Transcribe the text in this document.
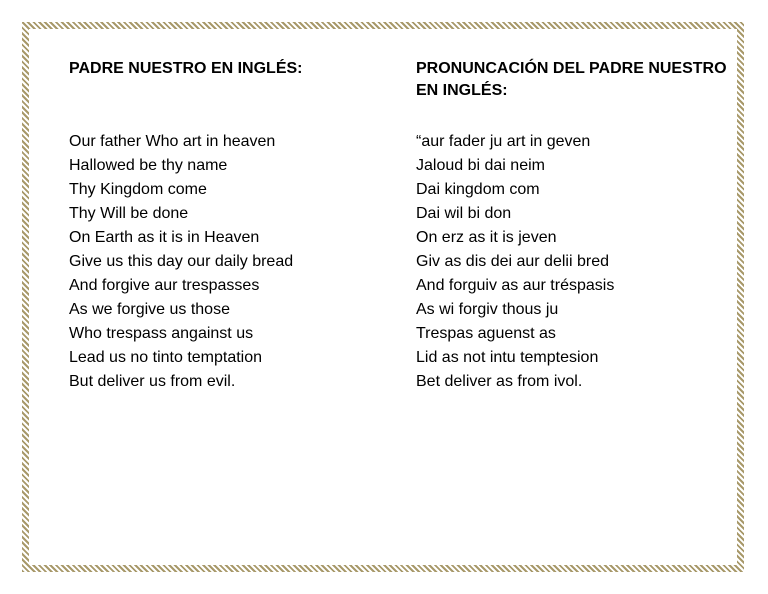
PADRE NUESTRO EN INGLÉS:
Our father Who art in heaven
Hallowed be thy name
Thy Kingdom come
Thy Will be done
On Earth as it is in Heaven
Give us this day our daily bread
And forgive aur trespasses
As we forgive us those
Who trespass angainst us
Lead us no tinto temptation
But deliver us from evil.
PRONUNCACIÓN DEL PADRE NUESTRO
EN INGLÉS:
“aur fader ju art in geven
Jaloud bi dai neim
Dai kingdom com
Dai wil bi don
On erz as it is jeven
Giv as dis dei aur delii bred
And forguiv as aur tréspasis
As wi forgiv thous ju
Trespas aguenst as
Lid as not intu temptesion
Bet deliver as from ivol.
